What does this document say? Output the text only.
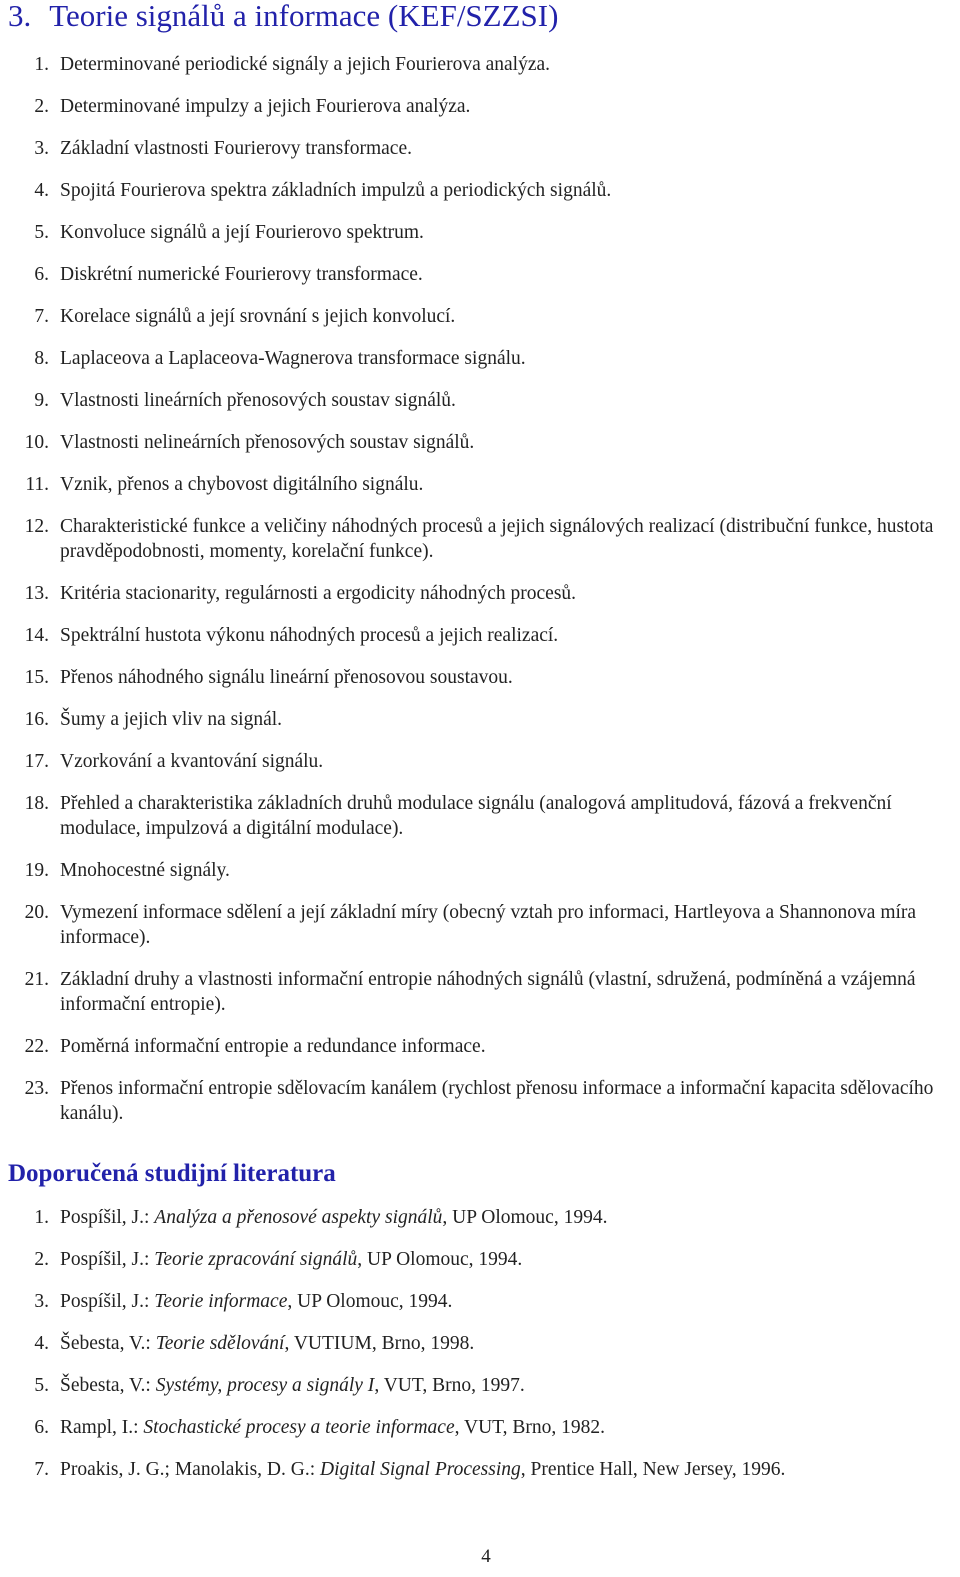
3. Teorie signálů a informace (KEF/SZZSI)
1. Determinované periodické signály a jejich Fourierova analýza.
2. Determinované impulzy a jejich Fourierova analýza.
3. Základní vlastnosti Fourierovy transformace.
4. Spojitá Fourierova spektra základních impulzů a periodických signálů.
5. Konvoluce signálů a její Fourierovo spektrum.
6. Diskrétní numerické Fourierovy transformace.
7. Korelace signálů a její srovnání s jejich konvolucí.
8. Laplaceova a Laplaceova-Wagnerova transformace signálu.
9. Vlastnosti lineárních přenosových soustav signálů.
10. Vlastnosti nelineárních přenosových soustav signálů.
11. Vznik, přenos a chybovost digitálního signálu.
12. Charakteristické funkce a veličiny náhodných procesů a jejich signálových realizací (distribuční funkce, hustota pravděpodobnosti, momenty, korelační funkce).
13. Kritéria stacionarity, regulárnosti a ergodicity náhodných procesů.
14. Spektrální hustota výkonu náhodných procesů a jejich realizací.
15. Přenos náhodného signálu lineární přenosovou soustavou.
16. Šumy a jejich vliv na signál.
17. Vzorkování a kvantování signálu.
18. Přehled a charakteristika základních druhů modulace signálu (analogová amplitudová, fázová a frekvenční modulace, impulzová a digitální modulace).
19. Mnohocestné signály.
20. Vymezení informace sdělení a její základní míry (obecný vztah pro informaci, Hartleyova a Shannonova míra informace).
21. Základní druhy a vlastnosti informační entropie náhodných signálů (vlastní, sdružená, podmíněná a vzájemná informační entropie).
22. Poměrná informační entropie a redundance informace.
23. Přenos informační entropie sdělovacím kanálem (rychlost přenosu informace a informační kapacita sdělovacího kanálu).
Doporučená studijní literatura
1. Pospíšil, J.: Analýza a přenosové aspekty signálů, UP Olomouc, 1994.
2. Pospíšil, J.: Teorie zpracování signálů, UP Olomouc, 1994.
3. Pospíšil, J.: Teorie informace, UP Olomouc, 1994.
4. Šebesta, V.: Teorie sdělování, VUTIUM, Brno, 1998.
5. Šebesta, V.: Systémy, procesy a signály I, VUT, Brno, 1997.
6. Rampl, I.: Stochastické procesy a teorie informace, VUT, Brno, 1982.
7. Proakis, J. G.; Manolakis, D. G.: Digital Signal Processing, Prentice Hall, New Jersey, 1996.
4
